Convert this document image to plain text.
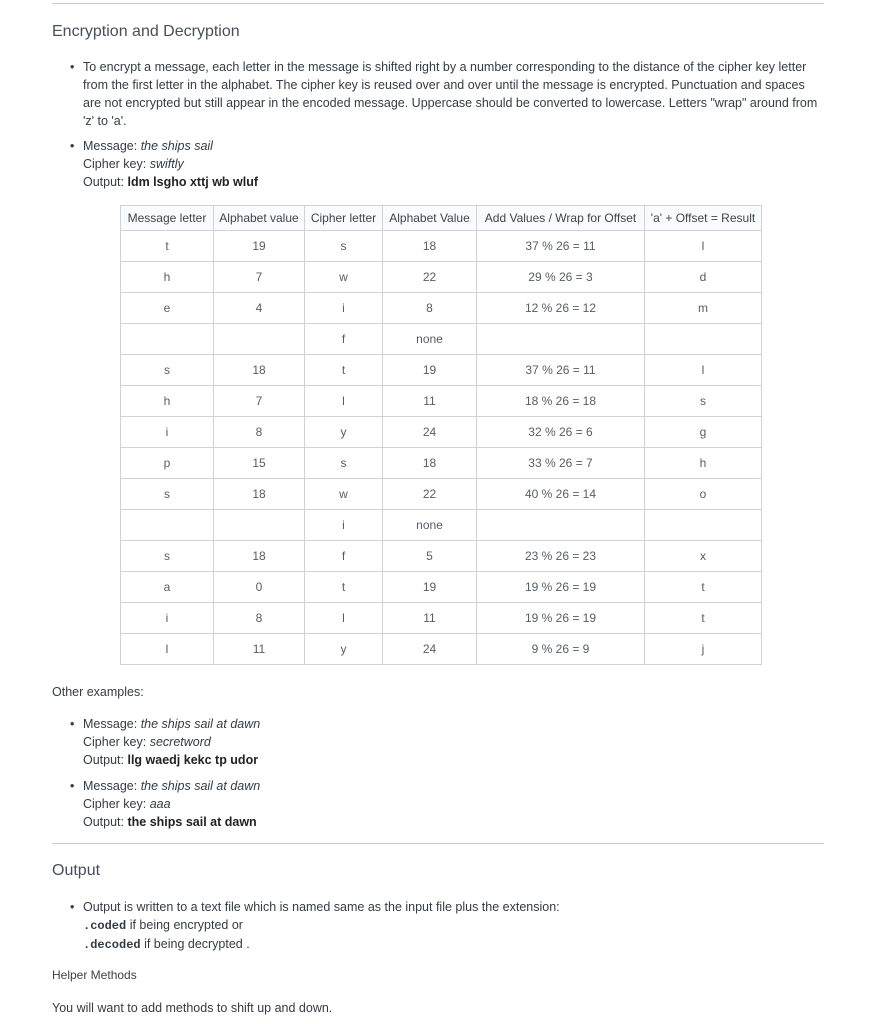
Encryption and Decryption
• To encrypt a message, each letter in the message is shifted right by a number corresponding to the distance of the cipher key letter
from the first letter in the alphabet. The cipher key is reused over and over until the message is encrypted. Punctuation and spaces
are not encrypted but still appear in the encoded message. Uppercase should be converted to lowercase. Letters "wrap" around from
'z' to 'a'.
• Message: the ships sail
Cipher key: swiftly
Output: ldm lsgho xttj wb wluf
Message letter	Alphabet value	Cipher letter	Alphabet Value	Add Values / Wrap for Offset	'a' + Offset = Result
t	19	s	18	37 % 26 = 11	l
h	7	w	22	29 % 26 = 3	d
e	4	i	8	12 % 26 = 12	m
		f	none		
s	18	t	19	37 % 26 = 11	l
h	7	l	11	18 % 26 = 18	s
i	8	y	24	32 % 26 = 6	g
p	15	s	18	33 % 26 = 7	h
s	18	w	22	40 % 26 = 14	o
		i	none		
s	18	f	5	23 % 26 = 23	x
a	0	t	19	19 % 26 = 19	t
i	8	l	11	19 % 26 = 19	t
l	11	y	24	9 % 26 = 9	j
Other examples:
• Message: the ships sail at dawn
Cipher key: secretword
Output: llg waedj kekc tp udor
• Message: the ships sail at dawn
Cipher key: aaa
Output: the ships sail at dawn
Output
• Output is written to a text file which is named same as the input file plus the extension:
.coded if being encrypted or
.decoded if being decrypted .
Helper Methods
You will want to add methods to shift up and down.
